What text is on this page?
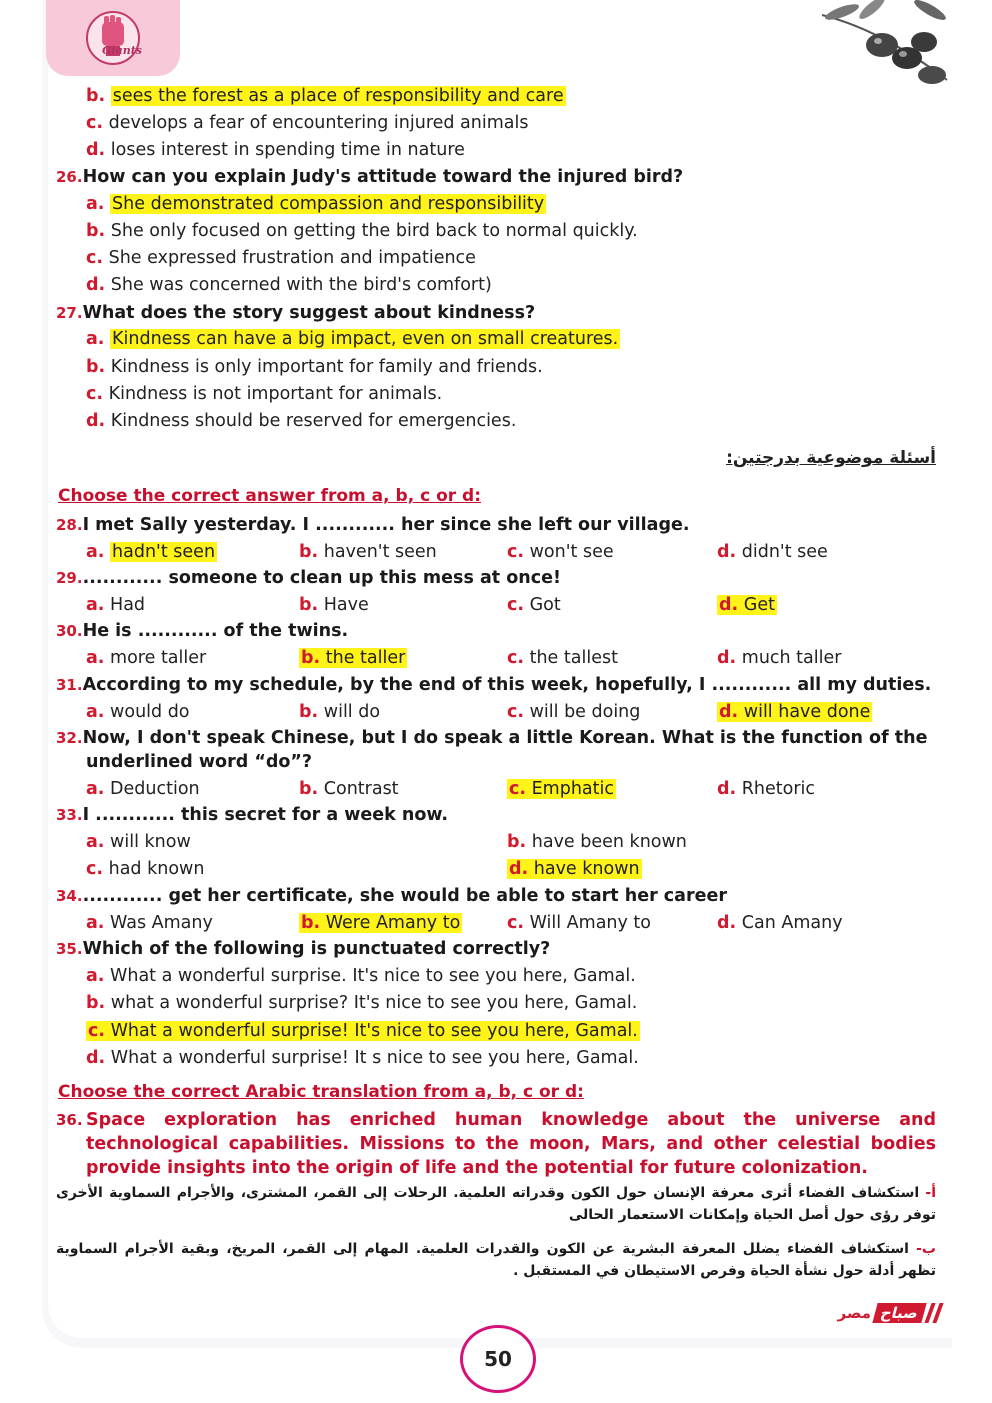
Giants
b. sees the forest as a place of responsibility and care
c. develops a fear of encountering injured animals
d. loses interest in spending time in nature
26.How can you explain Judy's attitude toward the injured bird?
a. She demonstrated compassion and responsibility
b. She only focused on getting the bird back to normal quickly.
c. She expressed frustration and impatience
d. She was concerned with the bird's comfort)
27.What does the story suggest about kindness?
a. Kindness can have a big impact, even on small creatures.
b. Kindness is only important for family and friends.
c. Kindness is not important for animals.
d. Kindness should be reserved for emergencies.
أسئلة موضوعية بدرجتين:
Choose the correct answer from a, b, c or d:
28.I met Sally yesterday. I ............ her since she left our village.
a. hadn't seen	b. haven't seen	c. won't see	d. didn't see
29............. someone to clean up this mess at once!
a. Had	b. Have	c. Got	d. Get
30.He is ............ of the twins.
a. more taller	b. the taller	c. the tallest	d. much taller
31.According to my schedule, by the end of this week, hopefully, I ............ all my duties.
a. would do	b. will do	c. will be doing	d. will have done
32.Now, I don't speak Chinese, but I do speak a little Korean. What is the function of the
underlined word “do”?
a. Deduction	b. Contrast	c. Emphatic	d. Rhetoric
33.I ............ this secret for a week now.
a. will know	b. have been known
c. had known	d. have known
34............. get her certificate, she would be able to start her career
a. Was Amany	b. Were Amany to	c. Will Amany to	d. Can Amany
35.Which of the following is punctuated correctly?
a. What a wonderful surprise. It's nice to see you here, Gamal.
b. what a wonderful surprise? It's nice to see you here, Gamal.
c. What a wonderful surprise! It's nice to see you here, Gamal.
d. What a wonderful surprise! It s nice to see you here, Gamal.
Choose the correct Arabic translation from a, b, c or d:
36. Space exploration has enriched human knowledge about the universe and technological capabilities. Missions to the moon, Mars, and other celestial bodies provide insights into the origin of life and the potential for future colonization.
أ- استكشاف الفضاء أثرى معرفة الإنسان حول الكون وقدراته العلمية. الرحلات إلى القمر، المشترى، والأجرام السماوية الأخرى توفر رؤى حول أصل الحياة وإمكانات الاستعمار الحالى
ب- استكشاف الفضاء يضلل المعرفة البشرية عن الكون والقدرات العلمية. المهام إلى القمر، المريخ، وبقية الأجرام السماوية تظهر أدلة حول نشأة الحياة وفرص الاستيطان في المستقبل .
مصر صباح
50
